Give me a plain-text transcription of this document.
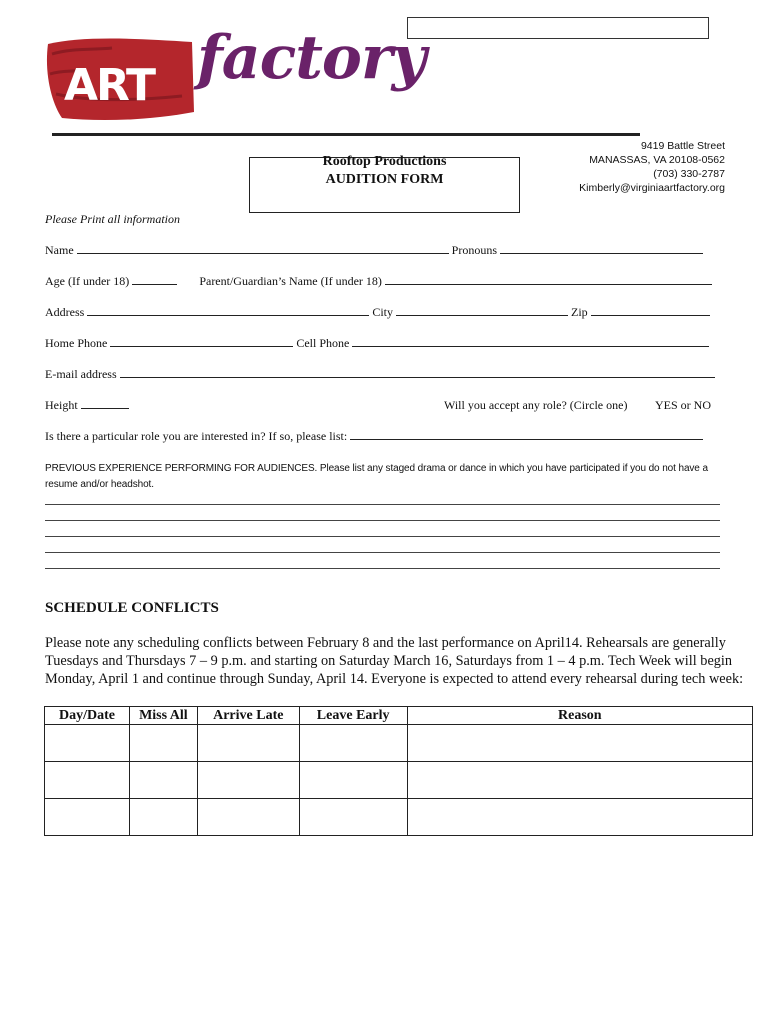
ART factory
Rooftop Productions
AUDITION FORM
9419 Battle Street
MANASSAS, VA 20108-0562
(703) 330-2787
Kimberly@virginiaartfactory.org
Please Print all information
Name	Pronouns
Age (If under 18)	Parent/Guardian’s Name (If under 18)
Address	City	Zip
Home Phone	Cell Phone
E-mail address
Height	Will you accept any role? (Circle one) YES or NO
Is there a particular role you are interested in? If so, please list:
PREVIOUS EXPERIENCE PERFORMING FOR AUDIENCES. Please list any staged drama or dance in which you have participated if you do not have a resume and/or headshot.
SCHEDULE CONFLICTS
Please note any scheduling conflicts between February 8 and the last performance on April14. Rehearsals are generally Tuesdays and Thursdays 7 – 9 p.m. and starting on Saturday March 16, Saturdays from 1 – 4 p.m. Tech Week will begin Monday, April 1 and continue through Sunday, April 14. Everyone is expected to attend every rehearsal during tech week:
Day/Date	Miss All	Arrive Late	Leave Early	Reason
